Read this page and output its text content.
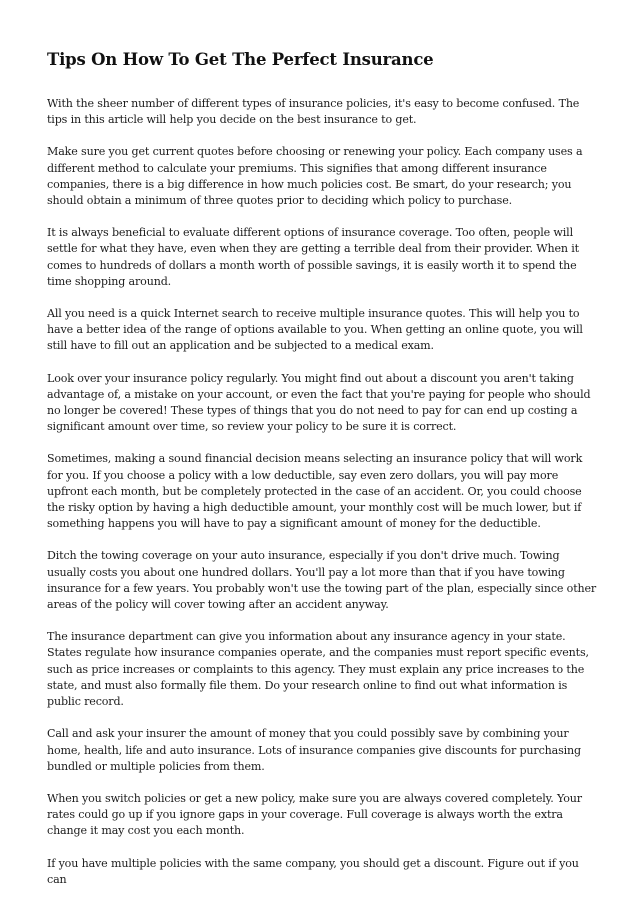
Tips On How To Get The Perfect Insurance

With the sheer number of different types of insurance policies, it's easy to become confused. The tips in this article will help you decide on the best insurance to get.

Make sure you get current quotes before choosing or renewing your policy. Each company uses a different method to calculate your premiums. This signifies that among different insurance companies, there is a big difference in how much policies cost. Be smart, do your research; you should obtain a minimum of three quotes prior to deciding which policy to purchase.

It is always beneficial to evaluate different options of insurance coverage. Too often, people will settle for what they have, even when they are getting a terrible deal from their provider. When it comes to hundreds of dollars a month worth of possible savings, it is easily worth it to spend the time shopping around.

All you need is a quick Internet search to receive multiple insurance quotes. This will help you to have a better idea of the range of options available to you. When getting an online quote, you will still have to fill out an application and be subjected to a medical exam.

Look over your insurance policy regularly. You might find out about a discount you aren't taking advantage of, a mistake on your account, or even the fact that you're paying for people who should no longer be covered! These types of things that you do not need to pay for can end up costing a significant amount over time, so review your policy to be sure it is correct.

Sometimes, making a sound financial decision means selecting an insurance policy that will work for you. If you choose a policy with a low deductible, say even zero dollars, you will pay more upfront each month, but be completely protected in the case of an accident. Or, you could choose the risky option by having a high deductible amount, your monthly cost will be much lower, but if something happens you will have to pay a significant amount of money for the deductible.

Ditch the towing coverage on your auto insurance, especially if you don't drive much. Towing usually costs you about one hundred dollars. You'll pay a lot more than that if you have towing insurance for a few years. You probably won't use the towing part of the plan, especially since other areas of the policy will cover towing after an accident anyway.

The insurance department can give you information about any insurance agency in your state. States regulate how insurance companies operate, and the companies must report specific events, such as price increases or complaints to this agency. They must explain any price increases to the state, and must also formally file them. Do your research online to find out what information is public record.

Call and ask your insurer the amount of money that you could possibly save by combining your home, health, life and auto insurance. Lots of insurance companies give discounts for purchasing bundled or multiple policies from them.

When you switch policies or get a new policy, make sure you are always covered completely. Your rates could go up if you ignore gaps in your coverage. Full coverage is always worth the extra change it may cost you each month.

If you have multiple policies with the same company, you should get a discount. Figure out if you can
